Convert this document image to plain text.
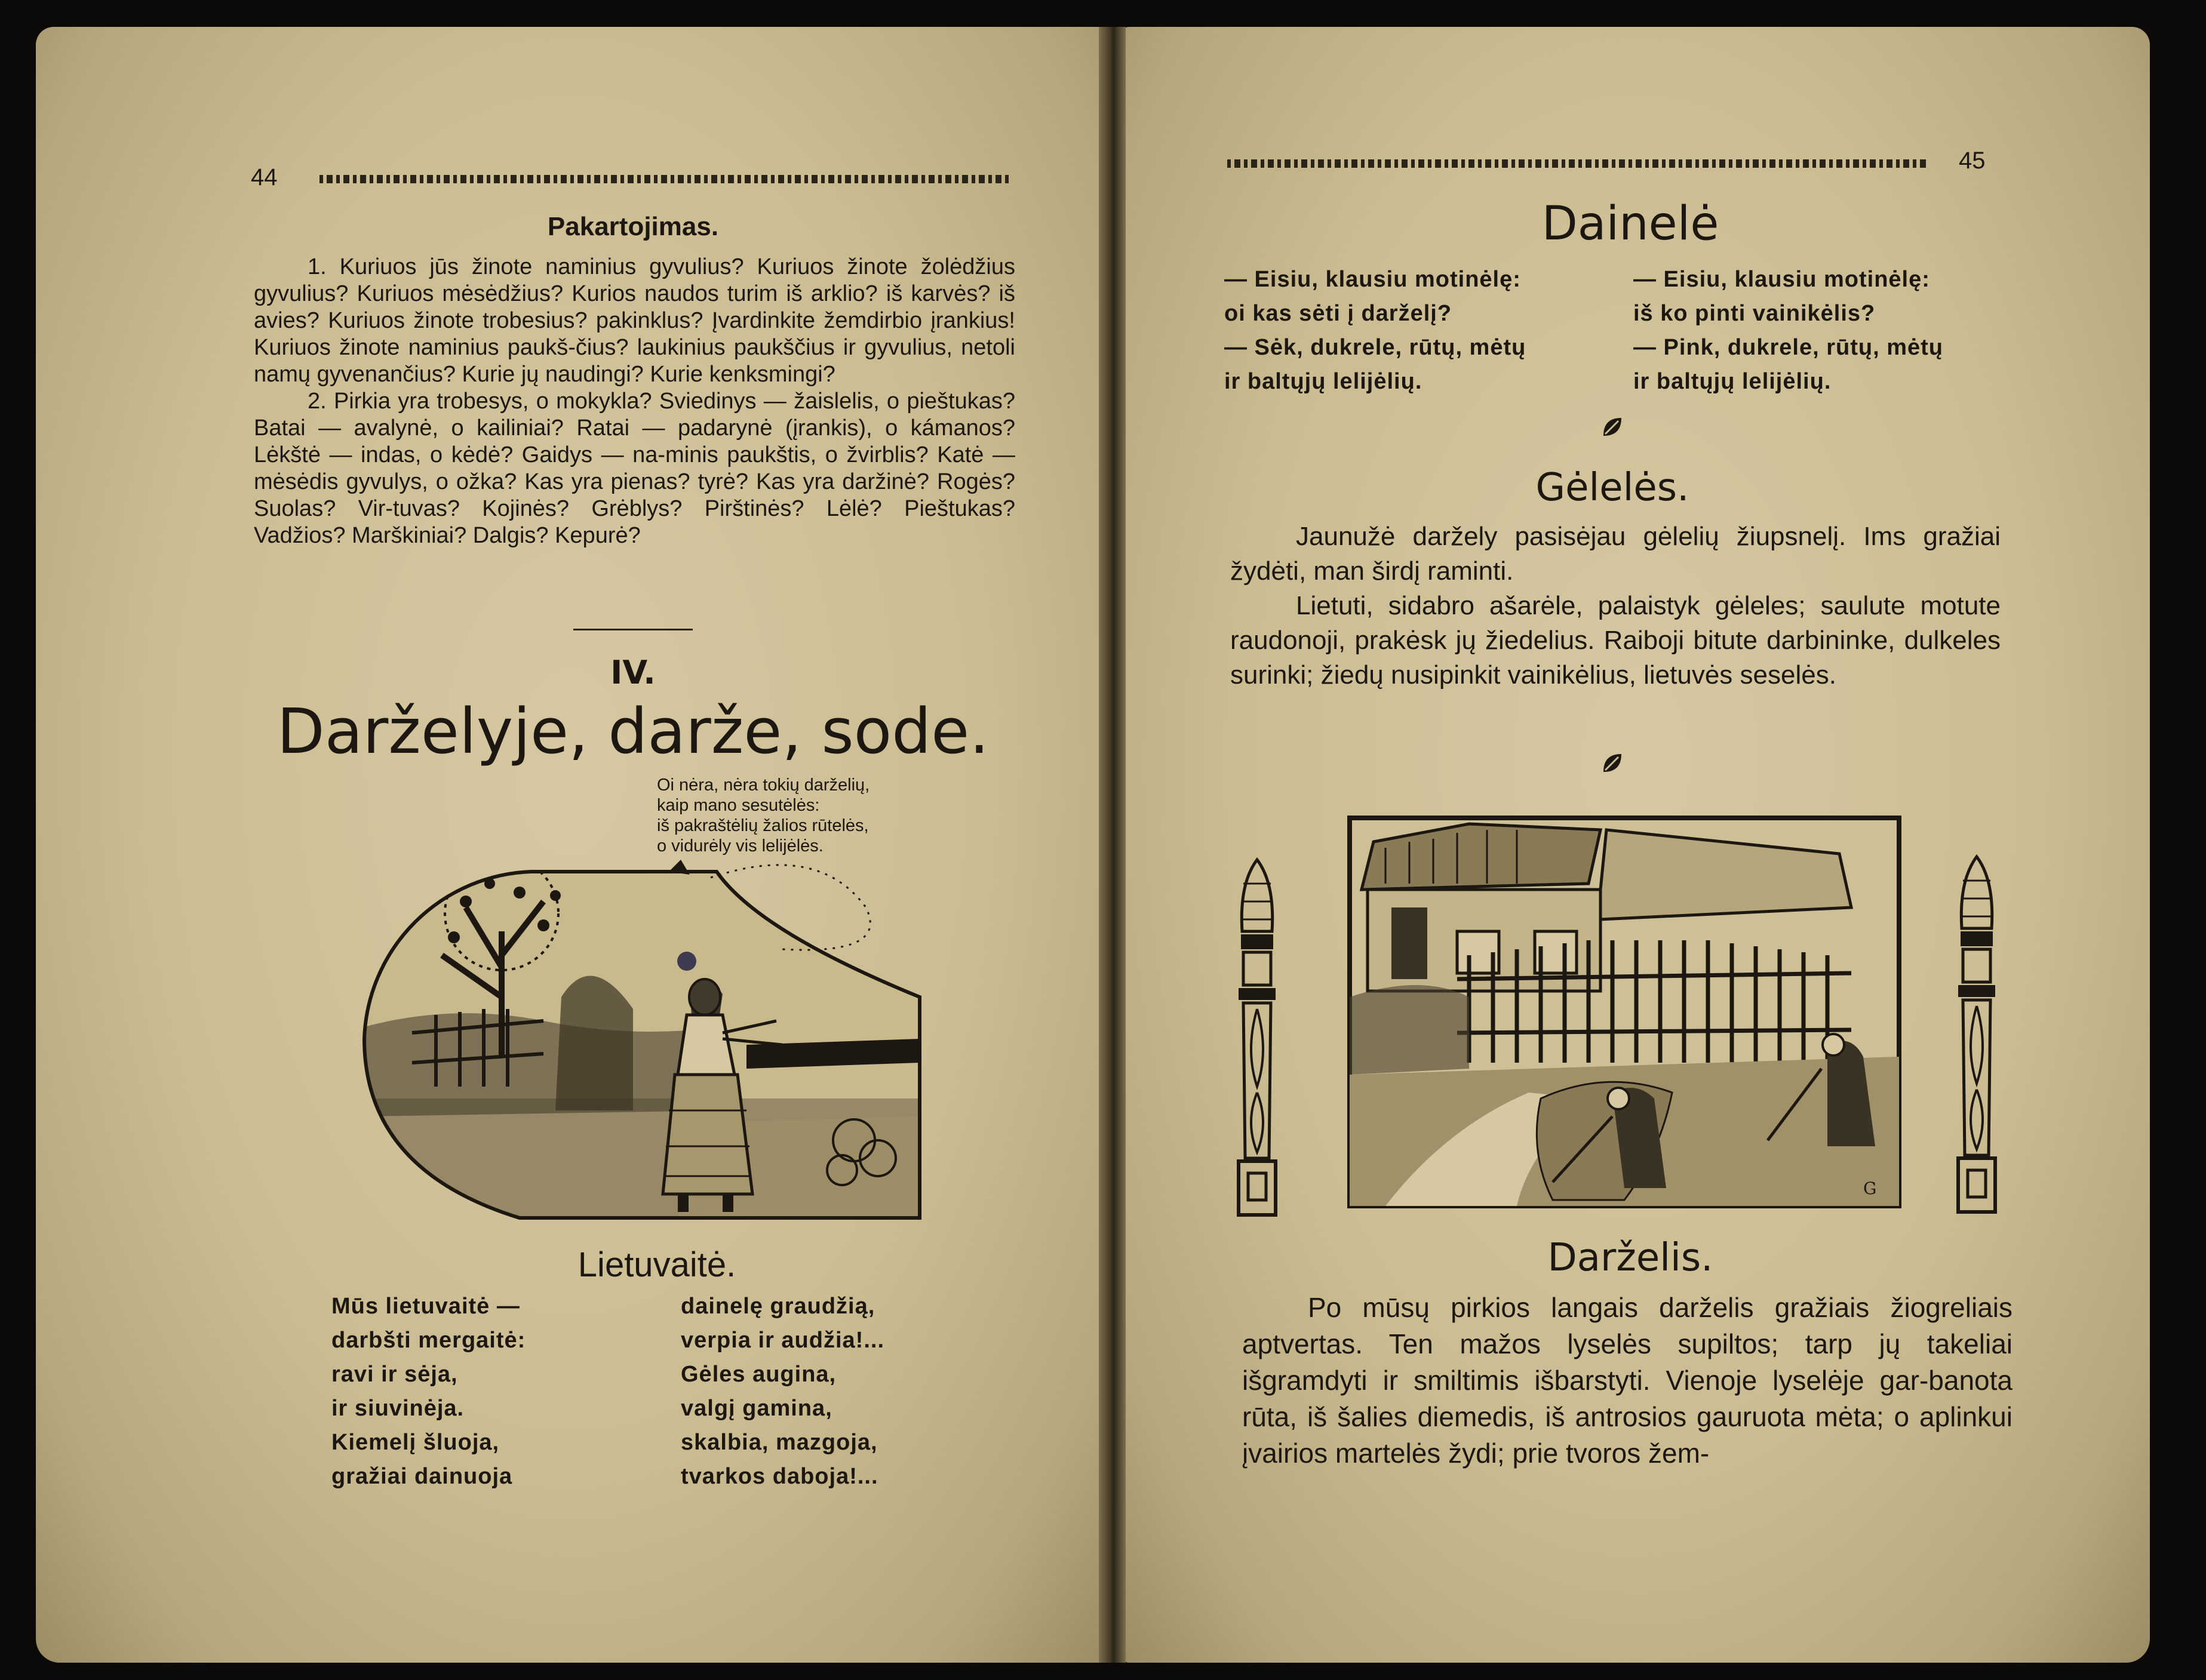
44
Pakartojimas.

1. Kuriuos jūs žinote naminius gyvulius? Kuriuos žinote žolėdžius gyvulius? Kuriuos mėsėdžius? Kurios naudos turim iš arklio? iš karvės? iš avies? Kuriuos žinote trobesius? pakinklus? Įvardinkite žemdirbio įrankius! Kuriuos žinote naminius paukš-čius? laukinius paukščius ir gyvulius, netoli namų gyvenančius? Kurie jų naudingi? Kurie kenksmingi?

2. Pirkia yra trobesys, o mokykla? Sviedinys — žaislelis, o pieštukas? Batai — avalynė, o kailiniai? Ratai — padarynė (įrankis), o kámanos? Lėkštė — indas, o kėdė? Gaidys — na-minis paukštis, o žvirblis? Katė — mėsėdis gyvulys, o ožka? Kas yra pienas? tyrė? Kas yra daržinė? Rogės? Suolas? Vir-tuvas? Kojinės? Grėblys? Pirštinės? Lėlė? Pieštukas? Vadžios? Marškiniai? Dalgis? Kepurė?

IV.
Darželyje, darže, sode.
Oi nėra, nėra tokių darželių,
kaip mano sesutėlės:
iš pakraštėlių žalios rūtelės,
o vidurėly vis lelijėlės.
Lietuvaitė.
Mūs lietuvaitė —
darbšti mergaitė:
ravi ir sėja,
ir siuvinėja.
Kiemelį šluoja,
gražiai dainuoja
dainelę graudžią,
verpia ir audžia!...
Gėles augina,
valgį gamina,
skalbia, mazgoja,
tvarkos daboja!...
45
Dainelė
— Eisiu, klausiu motinėlę:
oi kas sėti į darželį?
— Sėk, dukrele, rūtų, mėtų
ir baltųjų lelijėlių.
— Eisiu, klausiu motinėlę:
iš ko pinti vainikėlis?
— Pink, dukrele, rūtų, mėtų
ir baltųjų lelijėlių.
Gėlelės.

Jaunužė daržely pasisėjau gėlelių žiupsnelį. Ims gražiai žydėti, man širdį raminti.

Lietuti, sidabro ašarėle, palaistyk gėleles; saulute motute raudonoji, prakėsk jų žiedelius. Raiboji bitute darbininke, dulkeles surinki; žiedų nusipinkit vainikėlius, lietuvės seselės.

G
Darželis.

Po mūsų pirkios langais darželis gražiais žiogreliais aptvertas. Ten mažos lyselės supiltos; tarp jų takeliai išgramdyti ir smiltimis išbarstyti. Vienoje lyselėje gar-banota rūta, iš šalies diemedis, iš antrosios gauruota mėta; o aplinkui įvairios martelės žydi; prie tvoros žem-
